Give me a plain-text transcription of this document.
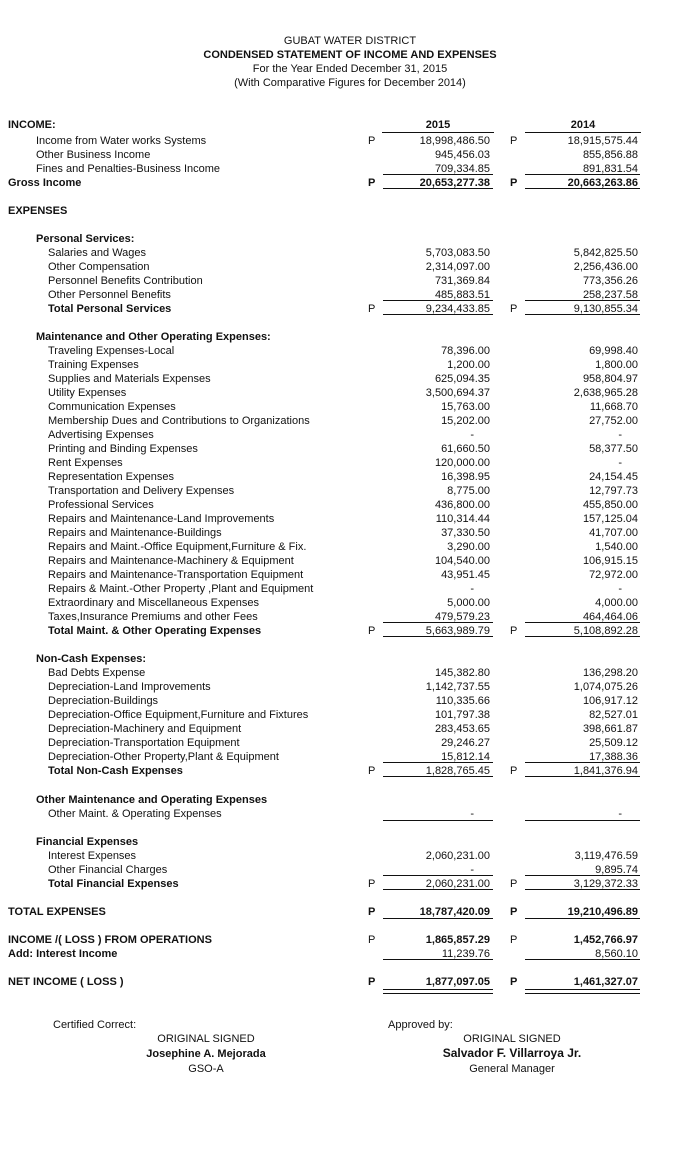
GUBAT WATER DISTRICT
CONDENSED STATEMENT OF INCOME AND EXPENSES
For the Year Ended December 31, 2015
(With Comparative Figures for December 2014)
INCOME:	2015	2014
Income from Water works Systems	P	18,998,486.50 P	18,915,575.44
Other Business Income	945,456.03	855,856.88
Fines and Penalties-Business Income	709,334.85	891,831.54
Gross Income	P	20,653,277.38 P	20,663,263.86
EXPENSES
Personal Services:
Salaries and Wages	5,703,083.50	5,842,825.50
Other Compensation	2,314,097.00	2,256,436.00
Personnel Benefits Contribution	731,369.84	773,356.26
Other Personnel Benefits	485,883.51	258,237.58
Total Personal Services	P	9,234,433.85 P	9,130,855.34
Maintenance and Other Operating Expenses:
Traveling Expenses-Local	78,396.00	69,998.40
Training Expenses	1,200.00	1,800.00
Supplies and Materials Expenses	625,094.35	958,804.97
Utility Expenses	3,500,694.37	2,638,965.28
Communication Expenses	15,763.00	11,668.70
Membership Dues and Contributions to Organizations	15,202.00	27,752.00
Advertising Expenses	-	-
Printing and Binding Expenses	61,660.50	58,377.50
Rent Expenses	120,000.00	-
Representation Expenses	16,398.95	24,154.45
Transportation and Delivery Expenses	8,775.00	12,797.73
Professional Services	436,800.00	455,850.00
Repairs and Maintenance-Land Improvements	110,314.44	157,125.04
Repairs and Maintenance-Buildings	37,330.50	41,707.00
Repairs and Maint.-Office Equipment,Furniture & Fix.	3,290.00	1,540.00
Repairs and Maintenance-Machinery & Equipment	104,540.00	106,915.15
Repairs and Maintenance-Transportation Equipment	43,951.45	72,972.00
Repairs & Maint.-Other Property ,Plant and Equipment	-	-
Extraordinary and Miscellaneous Expenses	5,000.00	4,000.00
Taxes,Insurance Premiums and other Fees	479,579.23	464,464.06
Total Maint. & Other Operating Expenses	P	5,663,989.79 P	5,108,892.28
Non-Cash Expenses:
Bad Debts Expense	145,382.80	136,298.20
Depreciation-Land Improvements	1,142,737.55	1,074,075.26
Depreciation-Buildings	110,335.66	106,917.12
Depreciation-Office Equipment,Furniture and Fixtures	101,797.38	82,527.01
Depreciation-Machinery and Equipment	283,453.65	398,661.87
Depreciation-Transportation Equipment	29,246.27	25,509.12
Depreciation-Other Property,Plant & Equipment	15,812.14	17,388.36
Total Non-Cash Expenses	P	1,828,765.45 P	1,841,376.94
Other Maintenance and Operating Expenses
Other Maint. & Operating Expenses	-	-
Financial Expenses
Interest Expenses	2,060,231.00	3,119,476.59
Other Financial Charges	-	9,895.74
Total Financial Expenses	P	2,060,231.00 P	3,129,372.33
TOTAL EXPENSES	P	18,787,420.09 P	19,210,496.89
INCOME /( LOSS ) FROM OPERATIONS	P	1,865,857.29 P	1,452,766.97
Add: Interest Income	11,239.76	8,560.10
NET INCOME ( LOSS )	P	1,877,097.05 P	1,461,327.07
Certified Correct:
ORIGINAL SIGNED
Josephine A. Mejorada
GSO-A
Approved by:
ORIGINAL SIGNED
Salvador F. Villarroya Jr.
General Manager
